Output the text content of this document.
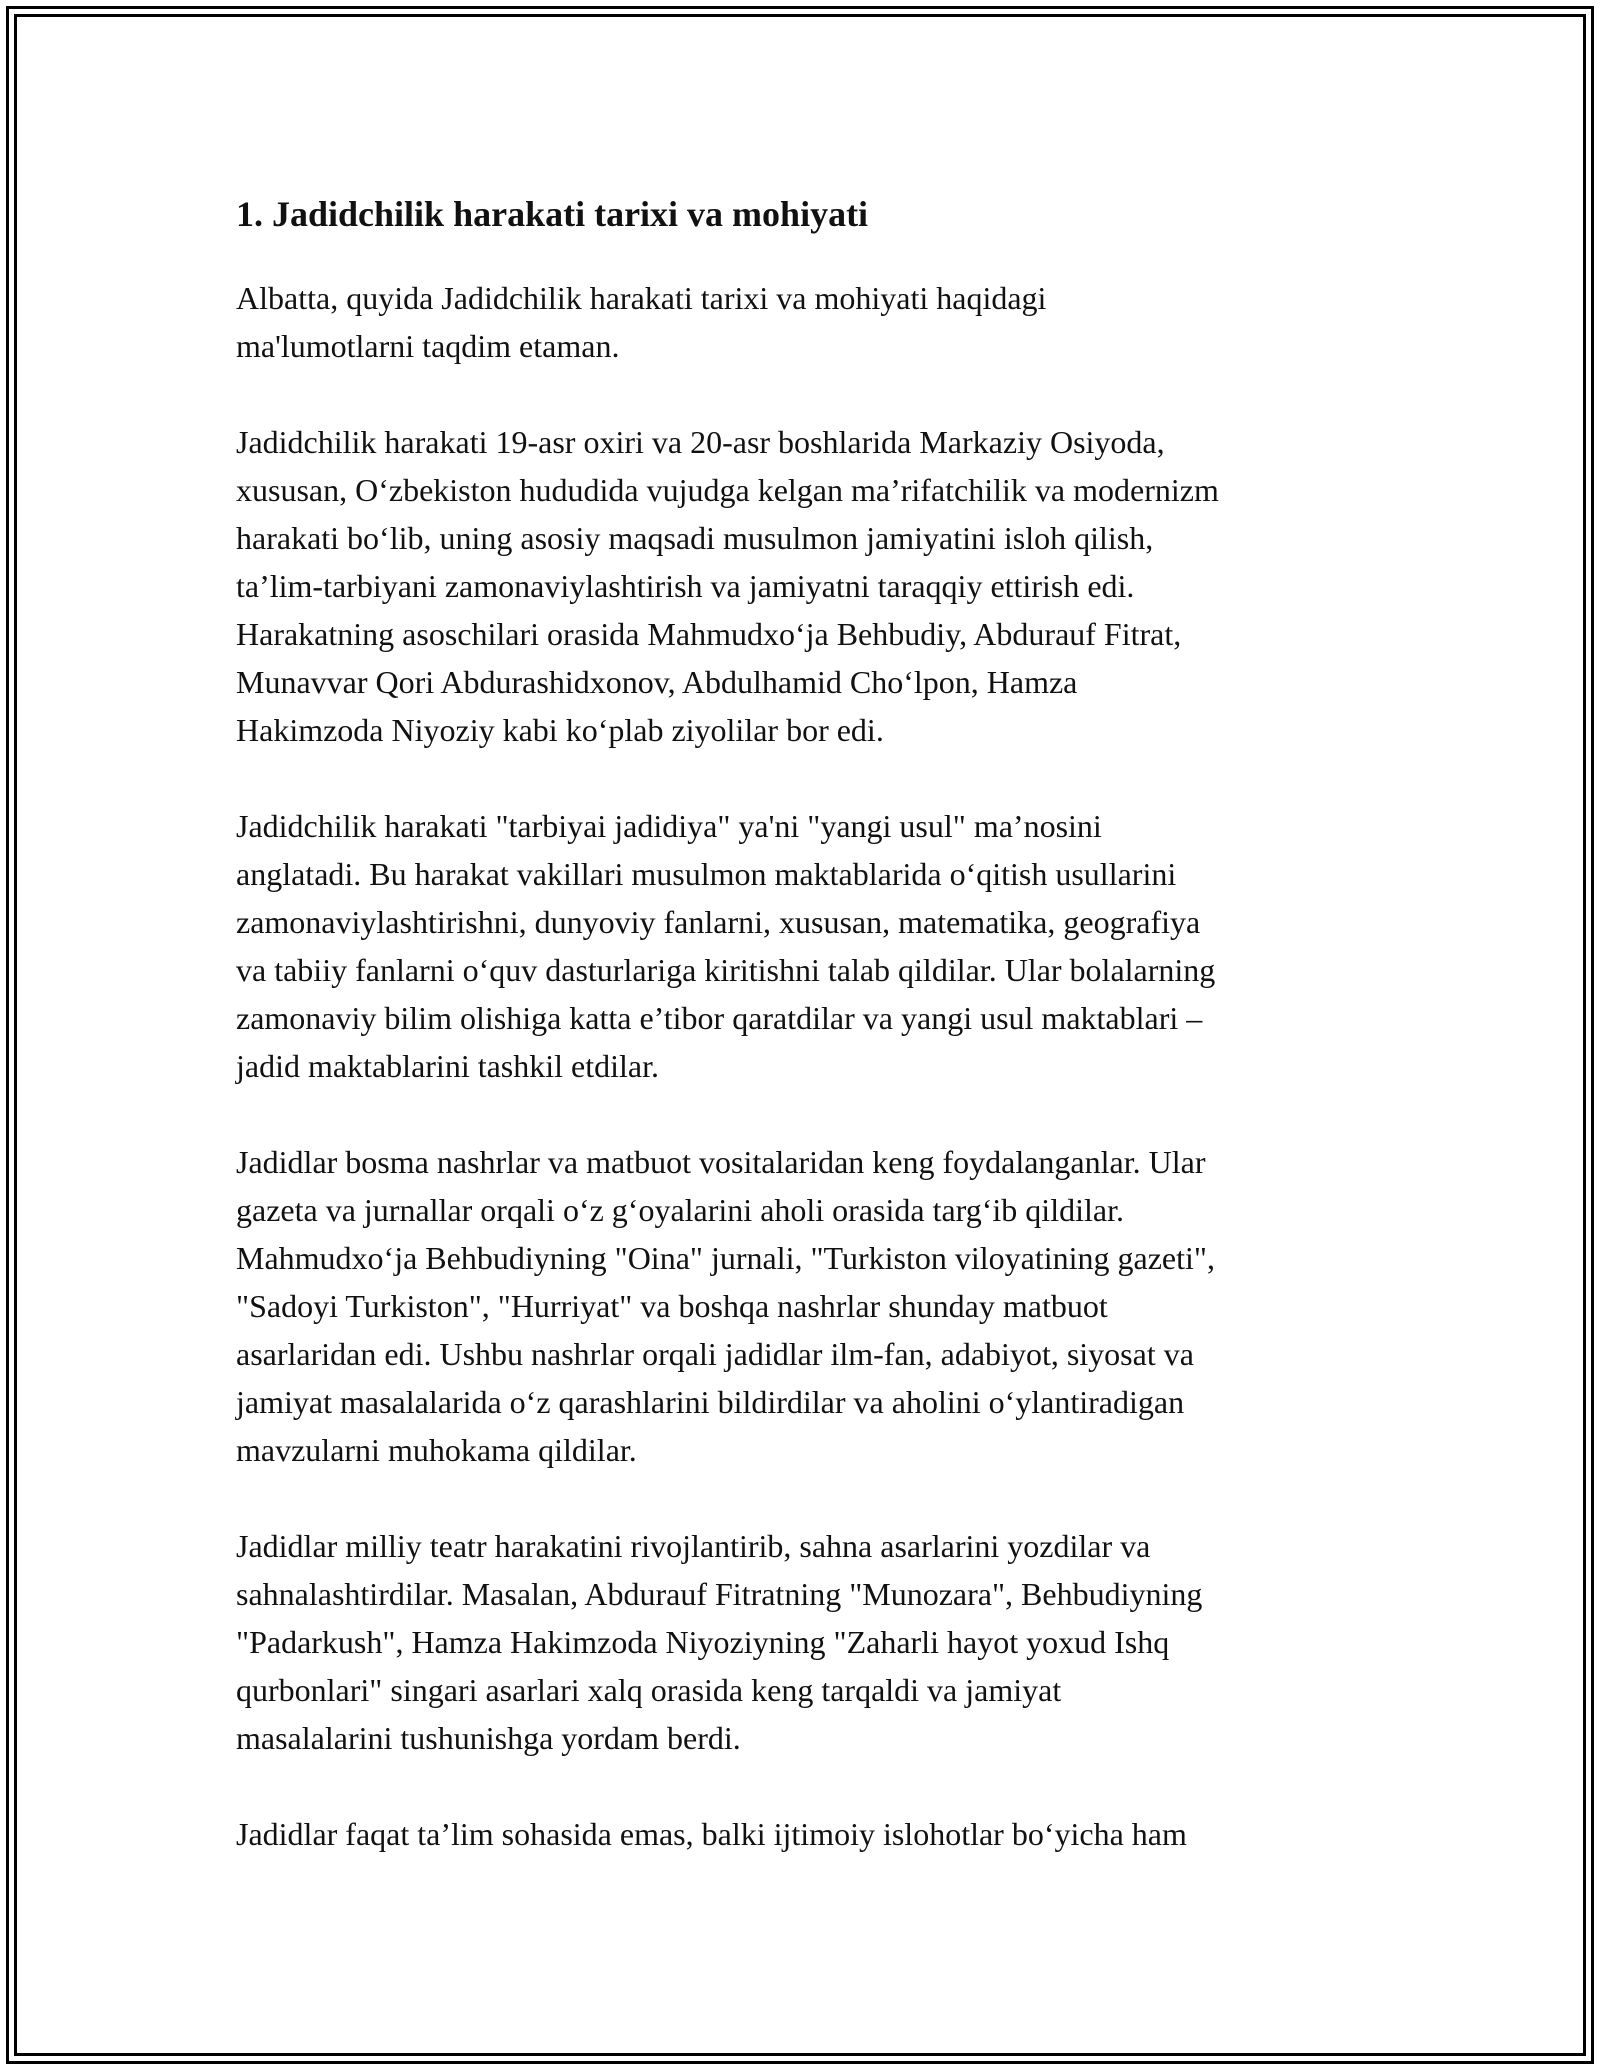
1. Jadidchilik harakati tarixi va mohiyati

Albatta, quyida Jadidchilik harakati tarixi va mohiyati haqidagi
ma'lumotlarni taqdim etaman.

Jadidchilik harakati 19-asr oxiri va 20-asr boshlarida Markaziy Osiyoda,
xususan, O‘zbekiston hududida vujudga kelgan ma’rifatchilik va modernizm
harakati bo‘lib, uning asosiy maqsadi musulmon jamiyatini isloh qilish,
ta’lim-tarbiyani zamonaviylashtirish va jamiyatni taraqqiy ettirish edi.
Harakatning asoschilari orasida Mahmudxo‘ja Behbudiy, Abdurauf Fitrat,
Munavvar Qori Abdurashidxonov, Abdulhamid Cho‘lpon, Hamza
Hakimzoda Niyoziy kabi ko‘plab ziyolilar bor edi.

Jadidchilik harakati "tarbiyai jadidiya" ya'ni "yangi usul" ma’nosini
anglatadi. Bu harakat vakillari musulmon maktablarida o‘qitish usullarini
zamonaviylashtirishni, dunyoviy fanlarni, xususan, matematika, geografiya
va tabiiy fanlarni o‘quv dasturlariga kiritishni talab qildilar. Ular bolalarning
zamonaviy bilim olishiga katta e’tibor qaratdilar va yangi usul maktablari –
jadid maktablarini tashkil etdilar.

Jadidlar bosma nashrlar va matbuot vositalaridan keng foydalanganlar. Ular
gazeta va jurnallar orqali o‘z g‘oyalarini aholi orasida targ‘ib qildilar.
Mahmudxo‘ja Behbudiyning "Oina" jurnali, "Turkiston viloyatining gazeti",
"Sadoyi Turkiston", "Hurriyat" va boshqa nashrlar shunday matbuot
asarlaridan edi. Ushbu nashrlar orqali jadidlar ilm-fan, adabiyot, siyosat va
jamiyat masalalarida o‘z qarashlarini bildirdilar va aholini o‘ylantiradigan
mavzularni muhokama qildilar.

Jadidlar milliy teatr harakatini rivojlantirib, sahna asarlarini yozdilar va
sahnalashtirdilar. Masalan, Abdurauf Fitratning "Munozara", Behbudiyning
"Padarkush", Hamza Hakimzoda Niyoziyning "Zaharli hayot yoxud Ishq
qurbonlari" singari asarlari xalq orasida keng tarqaldi va jamiyat
masalalarini tushunishga yordam berdi.

Jadidlar faqat ta’lim sohasida emas, balki ijtimoiy islohotlar bo‘yicha ham
